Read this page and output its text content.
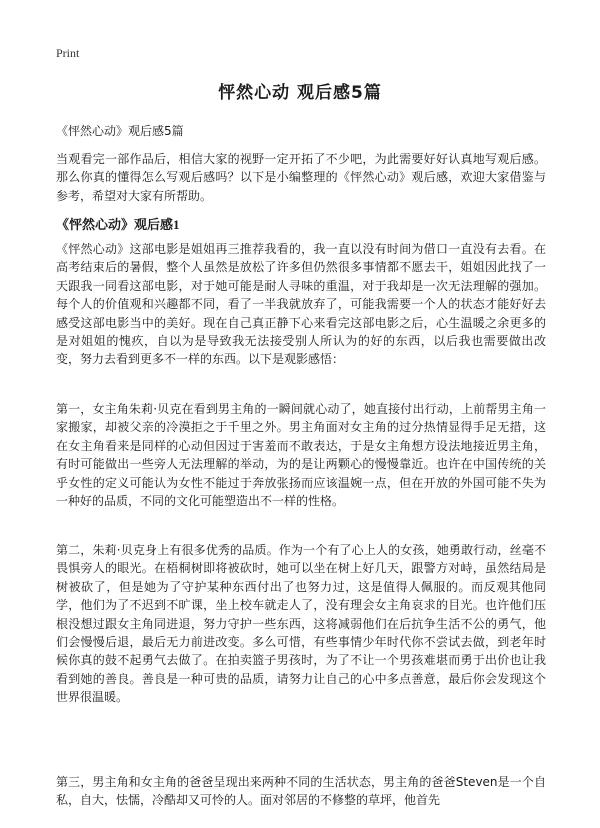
Print
怦然心动 观后感5篇
《怦然心动》观后感5篇

当观看完一部作品后，相信大家的视野一定开拓了不少吧，为此需要好好认真地写观后感。那么你真的懂得怎么写观后感吗？以下是小编整理的《怦然心动》观后感，欢迎大家借鉴与参考，希望对大家有所帮助。

《怦然心动》观后感1

《怦然心动》这部电影是姐姐再三推荐我看的，我一直以没有时间为借口一直没有去看。在高考结束后的暑假，整个人虽然是放松了许多但仍然很多事情都不愿去干，姐姐因此找了一天跟我一同看这部电影，对于她可能是耐人寻味的重温，对于我却是一次无法理解的强加。每个人的价值观和兴趣都不同，看了一半我就放弃了，可能我需要一个人的状态才能好好去感受这部电影当中的美好。现在自己真正静下心来看完这部电影之后，心生温暖之余更多的是对姐姐的愧疚，自以为是导致我无法接受别人所认为的好的东西，以后我也需要做出改变，努力去看到更多不一样的东西。以下是观影感悟：

第一，女主角朱莉·贝克在看到男主角的一瞬间就心动了，她直接付出行动，上前帮男主角一家搬家，却被父亲的冷漠拒之于千里之外。男主角面对女主角的过分热情显得手足无措，这在女主角看来是同样的心动但因过于害羞而不敢表达，于是女主角想方设法地接近男主角，有时可能做出一些旁人无法理解的举动，为的是让两颗心的慢慢靠近。也许在中国传统的关乎女性的定义可能认为女性不能过于奔放张扬而应该温婉一点，但在开放的外国可能不失为一种好的品质，不同的文化可能塑造出不一样的性格。

第二，朱莉·贝克身上有很多优秀的品质。作为一个有了心上人的女孩，她勇敢行动，丝毫不畏惧旁人的眼光。在梧桐树即将被砍时，她可以坐在树上好几天，跟警方对峙，虽然结局是树被砍了，但是她为了守护某种东西付出了也努力过，这是值得人佩服的。而反观其他同学，他们为了不迟到不旷课，坐上校车就走人了，没有理会女主角哀求的目光。也许他们压根没想过跟女主角同进退，努力守护一些东西，这将减弱他们在后抗争生活不公的勇气，他们会慢慢后退，最后无力前进改变。多么可惜，有些事情少年时代你不尝试去做，到老年时候你真的鼓不起勇气去做了。在拍卖篮子男孩时，为了不让一个男孩难堪而勇于出价也让我看到她的善良。善良是一种可贵的品质，请努力让自己的心中多点善意，最后你会发现这个世界很温暖。

第三，男主角和女主角的爸爸呈现出来两种不同的生活状态，男主角的爸爸Steven是一个自私，自大，怯懦，冷酷却又可怜的人。面对邻居的不修整的草坪，他首先
